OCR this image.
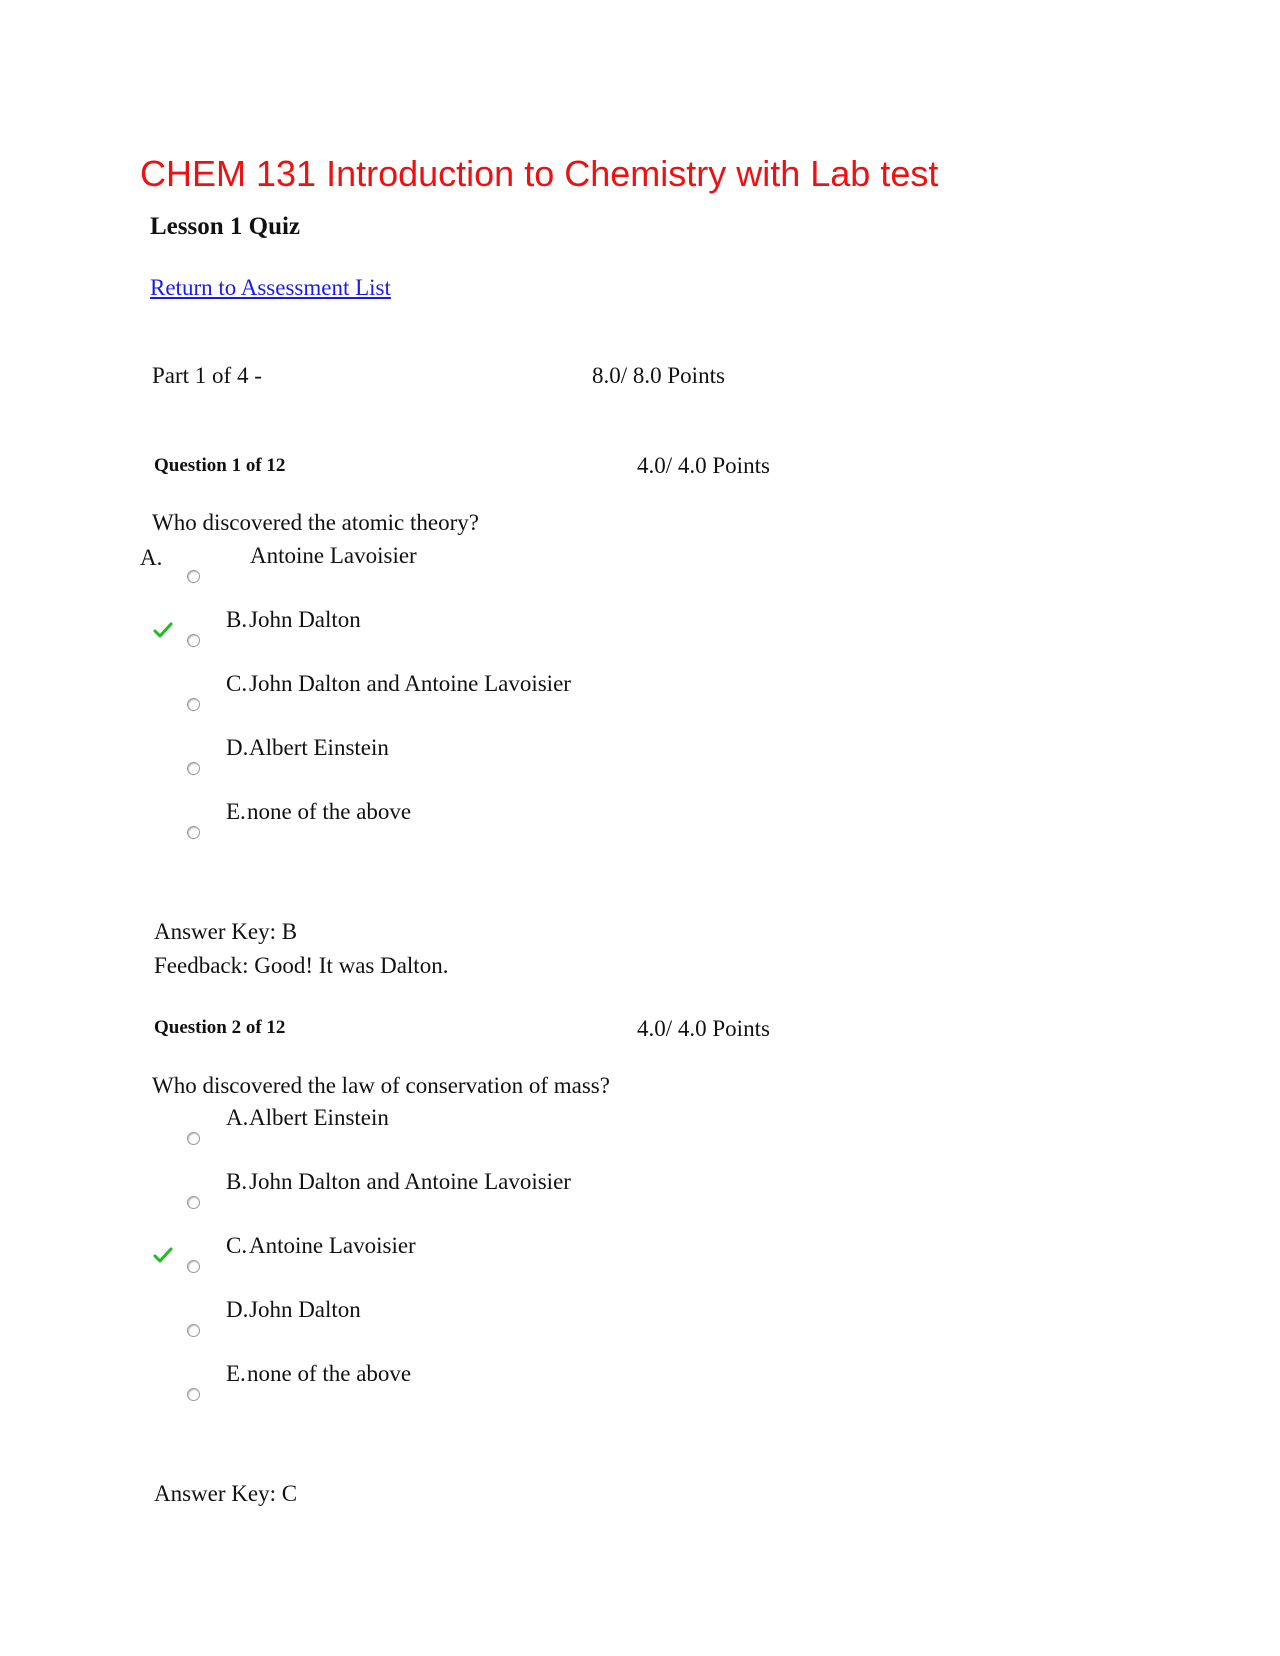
CHEM 131 Introduction to Chemistry with Lab test
Lesson 1 Quiz
Return to Assessment List
Part 1 of 4 -	8.0/ 8.0 Points
Question 1 of 12	4.0/ 4.0 Points
Who discovered the atomic theory?
A.	Antoine Lavoisier
B. John Dalton
C. John Dalton and Antoine Lavoisier
D. Albert Einstein
E. none of the above
Answer Key: B
Feedback: Good! It was Dalton.
Question 2 of 12	4.0/ 4.0 Points
Who discovered the law of conservation of mass?
A. Albert Einstein
B. John Dalton and Antoine Lavoisier
C. Antoine Lavoisier
D. John Dalton
E. none of the above
Answer Key: C
